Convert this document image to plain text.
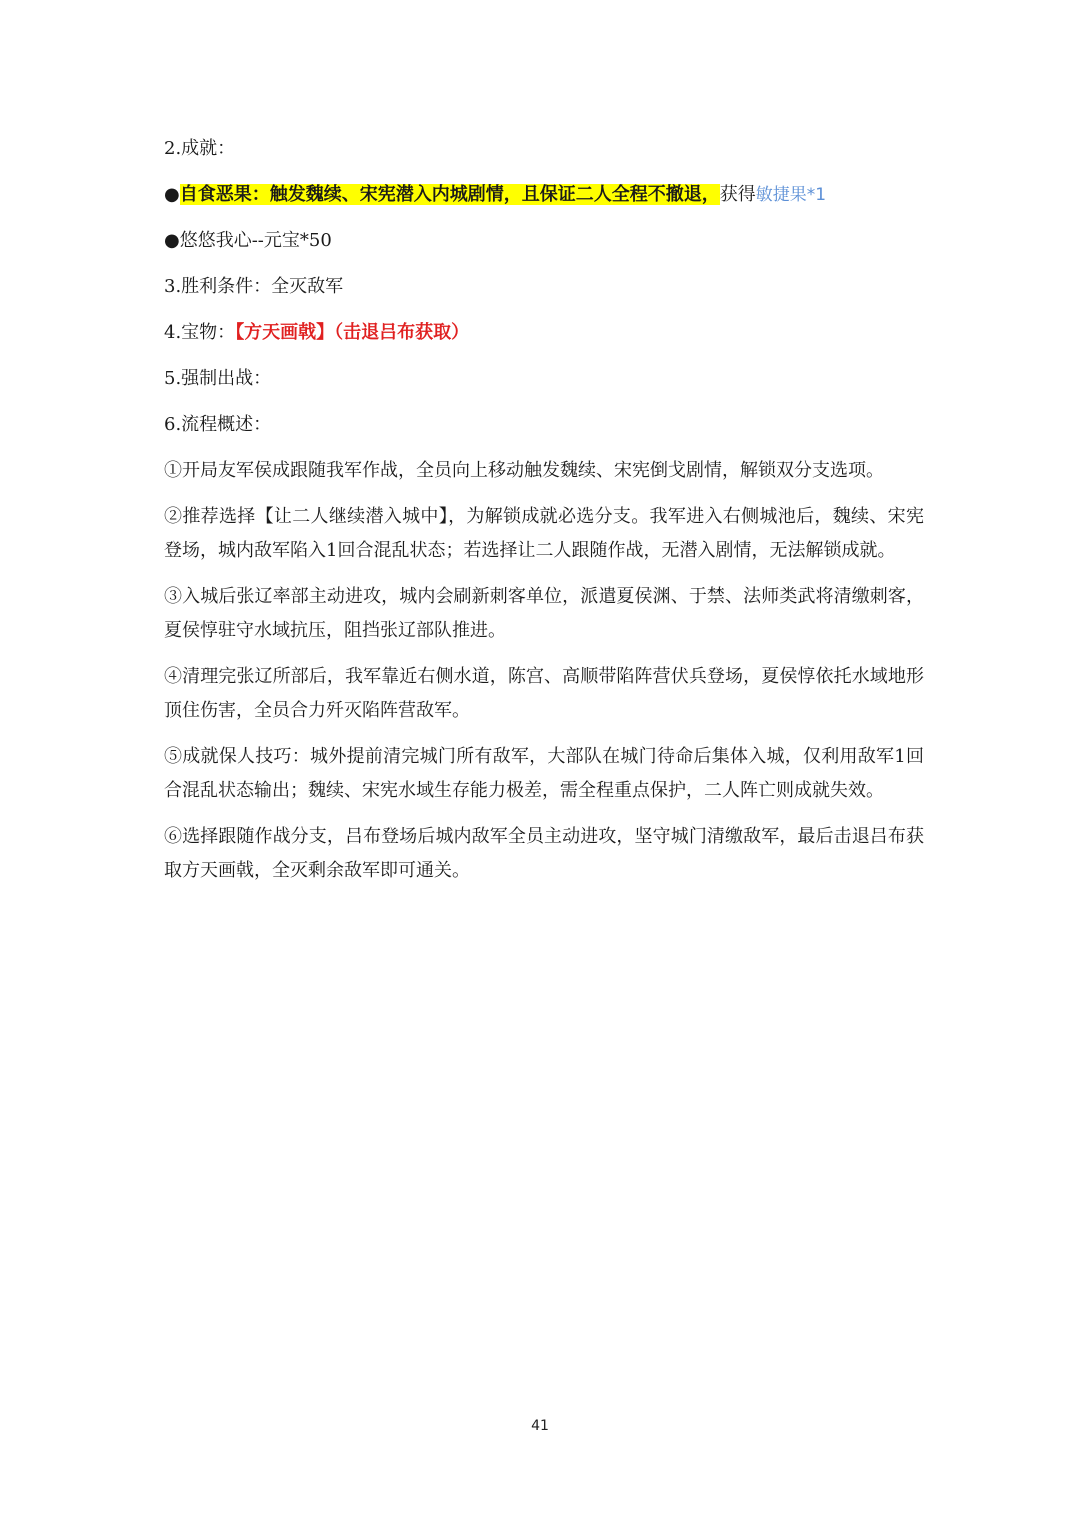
2.成就：

●自食恶果：触发魏续、宋宪潜入内城剧情，且保证二人全程不撤退，获得敏捷果*1

●悠悠我心--元宝*50

3.胜利条件：全灭敌军

4.宝物：【方天画戟】（击退吕布获取）

5.强制出战：

6.流程概述：

①开局友军侯成跟随我军作战，全员向上移动触发魏续、宋宪倒戈剧情，解锁双分支选项。

②推荐选择【让二人继续潜入城中】，为解锁成就必选分支。我军进入右侧城池后，魏续、宋宪登场，城内敌军陷入1回合混乱状态；若选择让二人跟随作战，无潜入剧情，无法解锁成就。

③入城后张辽率部主动进攻，城内会刷新刺客单位，派遣夏侯渊、于禁、法师类武将清缴刺客，夏侯惇驻守水域抗压，阻挡张辽部队推进。

④清理完张辽所部后，我军靠近右侧水道，陈宫、高顺带陷阵营伏兵登场，夏侯惇依托水域地形顶住伤害，全员合力歼灭陷阵营敌军。

⑤成就保人技巧：城外提前清完城门所有敌军，大部队在城门待命后集体入城，仅利用敌军1回合混乱状态输出；魏续、宋宪水域生存能力极差，需全程重点保护，二人阵亡则成就失效。

⑥选择跟随作战分支，吕布登场后城内敌军全员主动进攻，坚守城门清缴敌军，最后击退吕布获取方天画戟，全灭剩余敌军即可通关。

41
